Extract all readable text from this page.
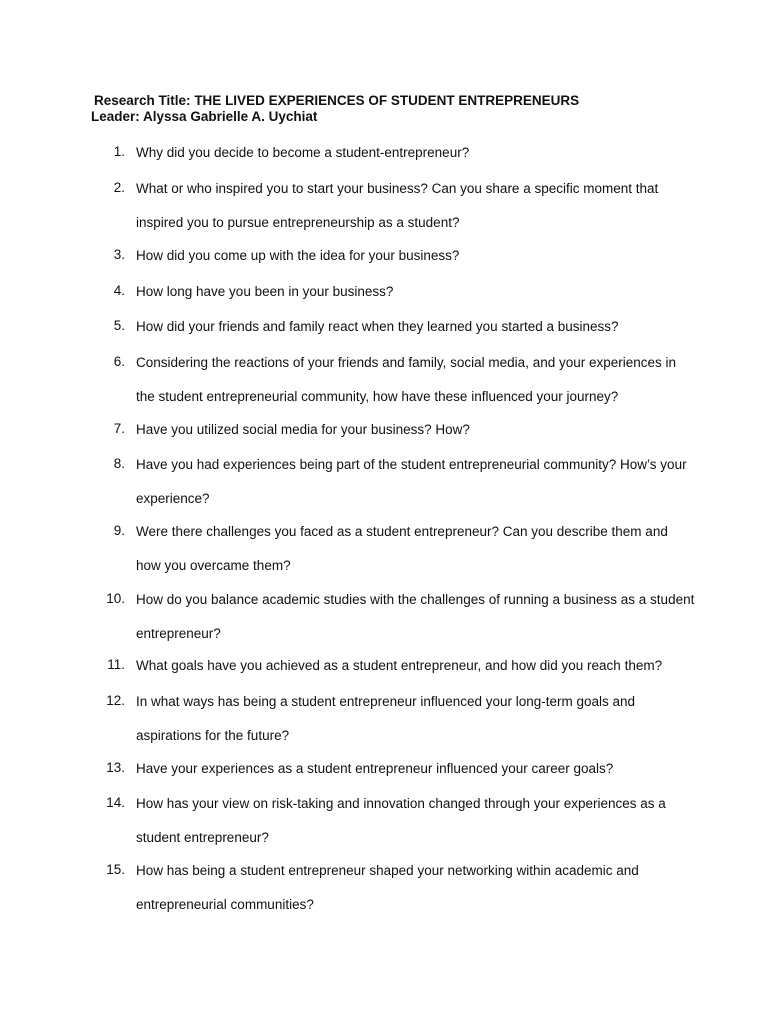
Research Title: THE LIVED EXPERIENCES OF STUDENT ENTREPRENEURS
Leader: Alyssa Gabrielle A. Uychiat
1. Why did you decide to become a student-entrepreneur?
2. What or who inspired you to start your business? Can you share a specific moment that inspired you to pursue entrepreneurship as a student?
3. How did you come up with the idea for your business?
4. How long have you been in your business?
5. How did your friends and family react when they learned you started a business?
6. Considering the reactions of your friends and family, social media, and your experiences in the student entrepreneurial community, how have these influenced your journey?
7. Have you utilized social media for your business? How?
8. Have you had experiences being part of the student entrepreneurial community? How’s your experience?
9. Were there challenges you faced as a student entrepreneur? Can you describe them and how you overcame them?
10. How do you balance academic studies with the challenges of running a business as a student entrepreneur?
11. What goals have you achieved as a student entrepreneur, and how did you reach them?
12. In what ways has being a student entrepreneur influenced your long-term goals and aspirations for the future?
13. Have your experiences as a student entrepreneur influenced your career goals?
14. How has your view on risk-taking and innovation changed through your experiences as a student entrepreneur?
15. How has being a student entrepreneur shaped your networking within academic and entrepreneurial communities?
